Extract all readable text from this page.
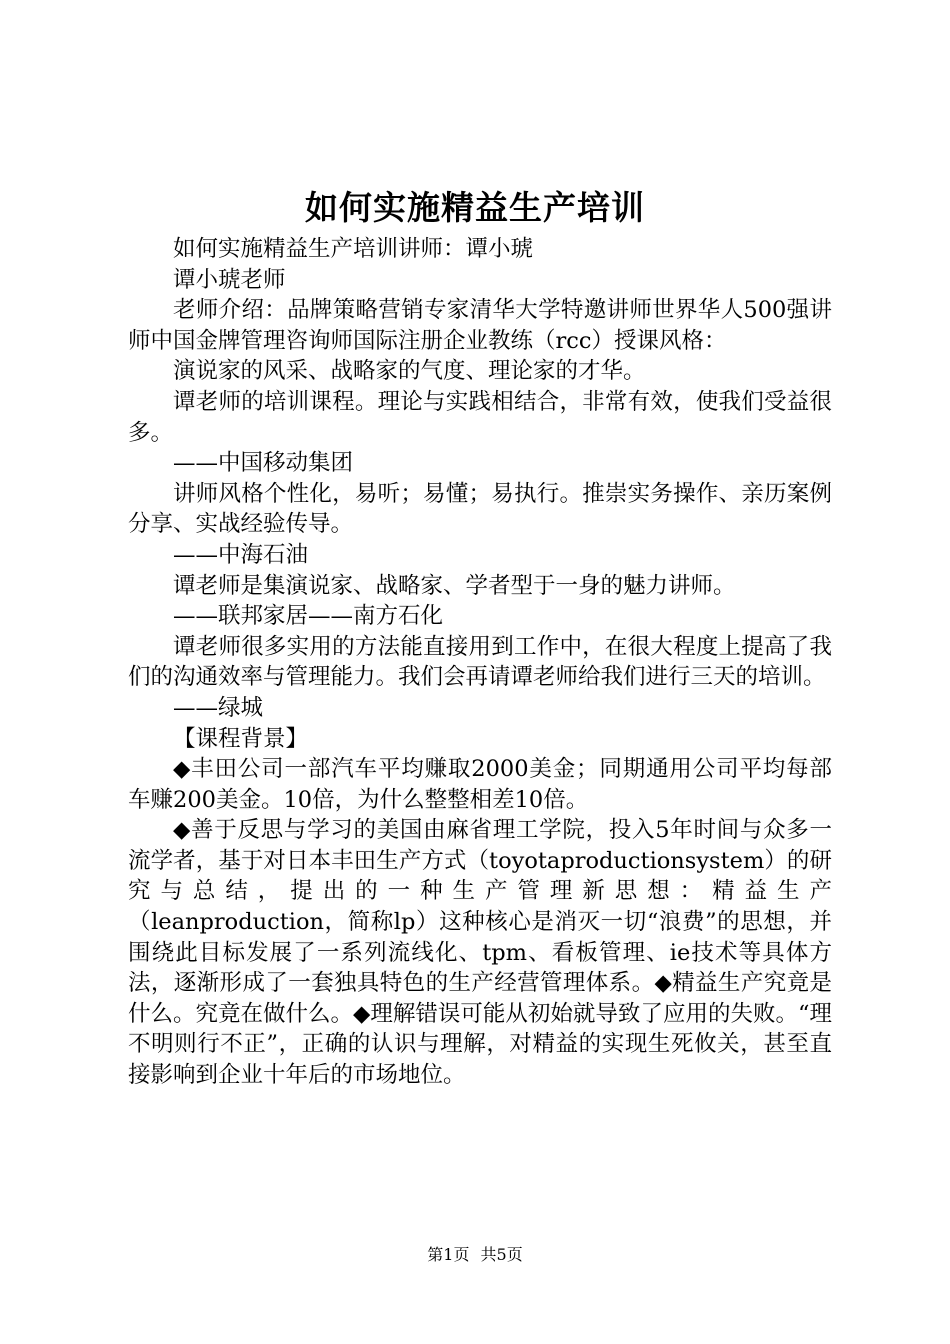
如何实施精益生产培训

如何实施精益生产培训讲师：谭小琥

谭小琥老师

老师介绍：品牌策略营销专家清华大学特邀讲师世界华人500强讲师中国金牌管理咨询师国际注册企业教练（rcc）授课风格：

演说家的风采、战略家的气度、理论家的才华。

谭老师的培训课程。理论与实践相结合，非常有效，使我们受益很多。

——中国移动集团

讲师风格个性化，易听；易懂；易执行。推崇实务操作、亲历案例分享、实战经验传导。

——中海石油

谭老师是集演说家、战略家、学者型于一身的魅力讲师。

——联邦家居——南方石化

谭老师很多实用的方法能直接用到工作中，在很大程度上提高了我们的沟通效率与管理能力。我们会再请谭老师给我们进行三天的培训。

——绿城

【课程背景】

◆丰田公司一部汽车平均赚取2000美金；同期通用公司平均每部车赚200美金。10倍，为什么整整相差10倍。

◆善于反思与学习的美国由麻省理工学院，投入5年时间与众多一流学者，基于对日本丰田生产方式（toyotaproductionsystem）的研究与总结，提出的一种生产管理新思想：精益生产（leanproduction，简称lp）这种核心是消灭一切“浪费”的思想，并围绕此目标发展了一系列流线化、tpm、看板管理、ie技术等具体方法，逐渐形成了一套独具特色的生产经营管理体系。◆精益生产究竟是什么。究竟在做什么。◆理解错误可能从初始就导致了应用的失败。“理不明则行不正”，正确的认识与理解，对精益的实现生死攸关，甚至直接影响到企业十年后的市场地位。

第1页 共5页
